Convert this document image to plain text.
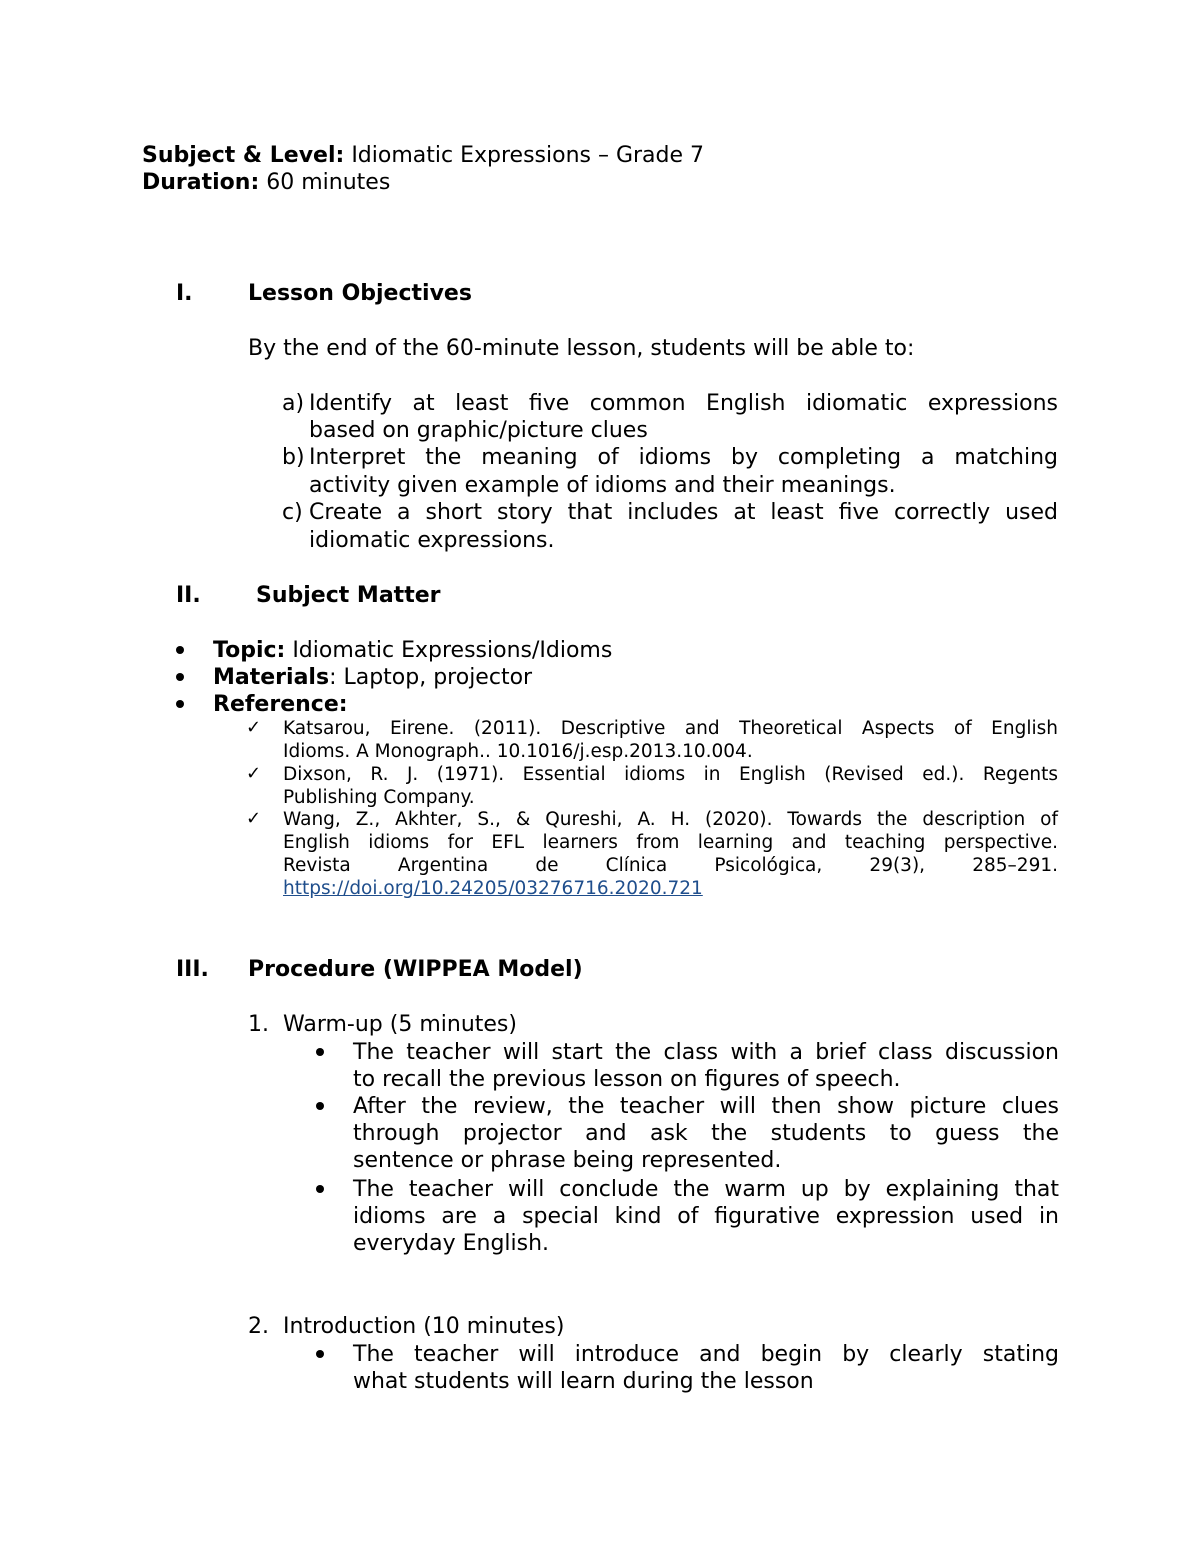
Subject & Level: Idiomatic Expressions – Grade 7
Duration: 60 minutes
I.	Lesson Objectives
By the end of the 60-minute lesson, students will be able to:
a) Identify at least five common English idiomatic expressions
based on graphic/picture clues
b) Interpret the meaning of idioms by completing a matching
activity given example of idioms and their meanings.
c) Create a short story that includes at least five correctly used
idiomatic expressions.
II.	Subject Matter
Topic: Idiomatic Expressions/Idioms
Materials: Laptop, projector
Reference:
✓ Katsarou, Eirene. (2011). Descriptive and Theoretical Aspects of English
Idioms. A Monograph.. 10.1016/j.esp.2013.10.004.
✓ Dixson, R. J. (1971). Essential idioms in English (Revised ed.). Regents
Publishing Company.
✓ Wang, Z., Akhter, S., & Qureshi, A. H. (2020). Towards the description of
English idioms for EFL learners from learning and teaching perspective.
Revista Argentina de Clínica Psicológica, 29(3), 285–291.
https://doi.org/10.24205/03276716.2020.721
III. Procedure (WIPPEA Model)
1. Warm-up (5 minutes)
The teacher will start the class with a brief class discussion
to recall the previous lesson on figures of speech.
After the review, the teacher will then show picture clues
through projector and ask the students to guess the
sentence or phrase being represented.
The teacher will conclude the warm up by explaining that
idioms are a special kind of figurative expression used in
everyday English.
2. Introduction (10 minutes)
The teacher will introduce and begin by clearly stating
what students will learn during the lesson
